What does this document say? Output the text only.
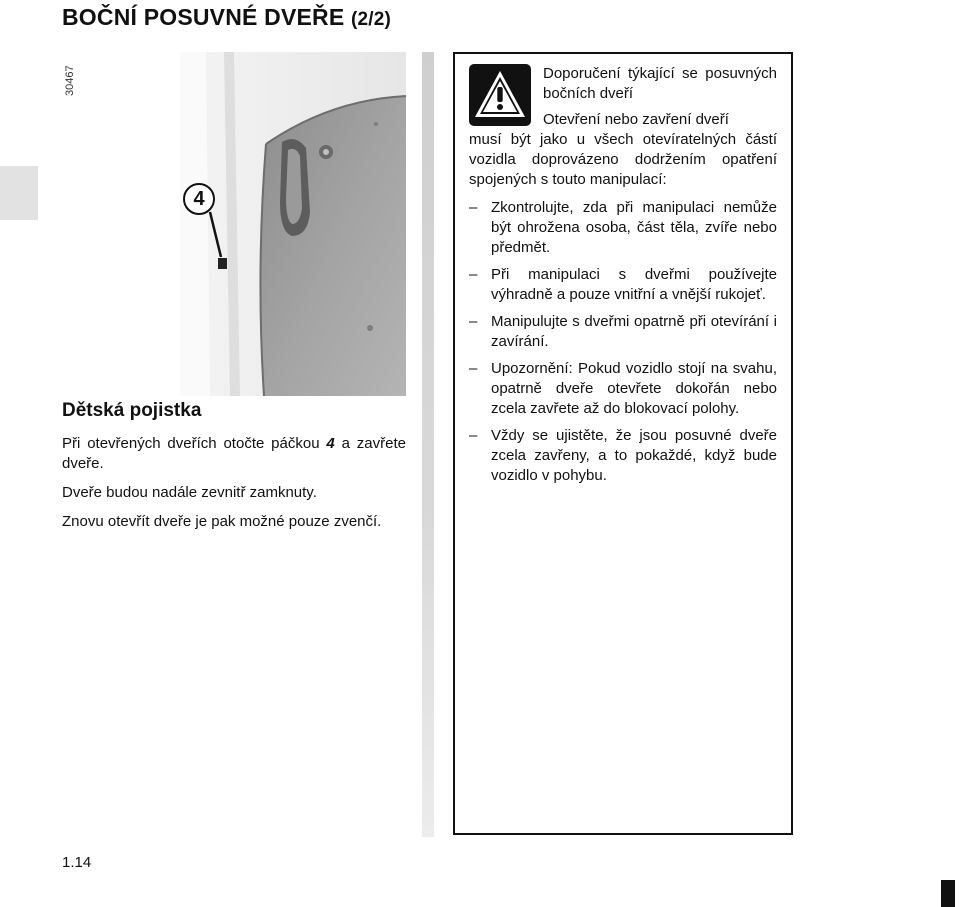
BOČNÍ POSUVNÉ DVEŘE (2/2)
30467
4
Dětská pojistka
Při otevřených dveřích otočte páčkou 4 a zavřete dveře.
Dveře budou nadále zevnitř zamknuty.
Znovu otevřít dveře je pak možné pouze zvenčí.
Doporučení týkající se posuvných bočních dveří
Otevření nebo zavření dveří

musí být jako u všech otevíratelných částí vozidla doprovázeno dodržením opatření spojených s touto manipulací:

– Zkontrolujte, zda při manipulaci nemůže být ohrožena osoba, část těla, zvíře nebo předmět.
– Při manipulaci s dveřmi používejte výhradně a pouze vnitřní a vnější rukojeť.
– Manipulujte s dveřmi opatrně při otevírání i zavírání.
– Upozornění: Pokud vozidlo stojí na svahu, opatrně dveře otevřete dokořán nebo zcela zavřete až do blokovací polohy.
– Vždy se ujistěte, že jsou posuvné dveře zcela zavřeny, a to pokaždé, když bude vozidlo v pohybu.
1.14
